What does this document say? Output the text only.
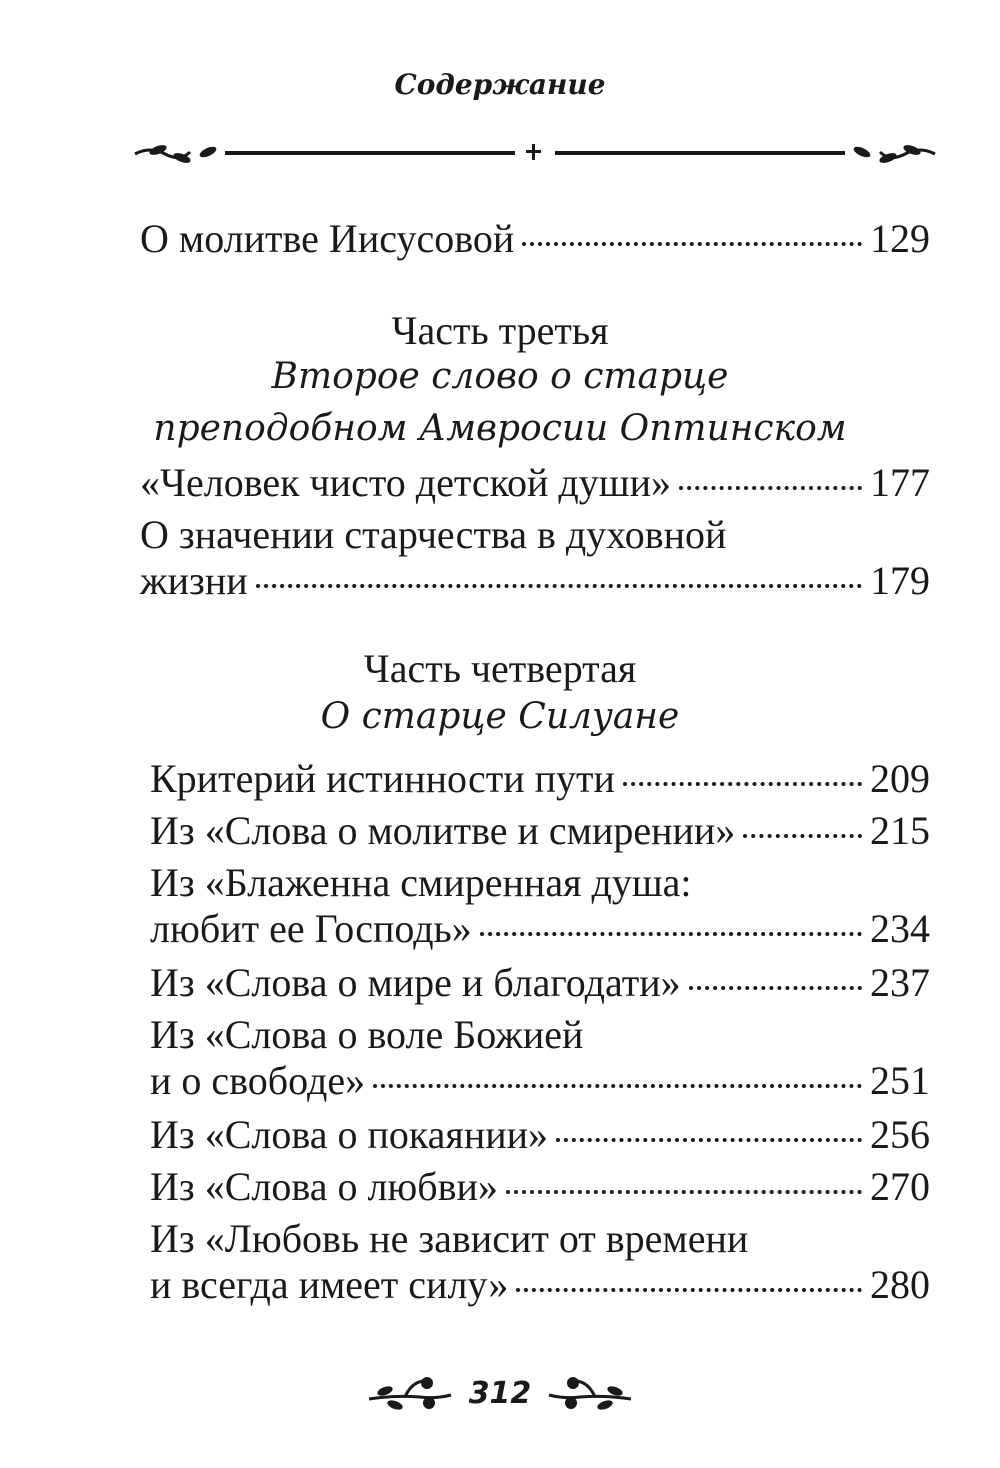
Содержание
О молитве Иисусовой	129
Часть третья
Второе слово о старце
преподобном Амвросии Оптинском
«Человек чисто детской души»	177
О значении старчества в духовной
жизни	179
Часть четвертая
О старце Силуане
Критерий истинности пути	209
Из «Слова о молитве и смирении»	215
Из «Блаженна смиренная душа:
любит ее Господь»	234
Из «Слова о мире и благодати»	237
Из «Слова о воле Божией
и о свободе»	251
Из «Слова о покаянии»	256
Из «Слова о любви»	270
Из «Любовь не зависит от времени
и всегда имеет силу»	280
312
